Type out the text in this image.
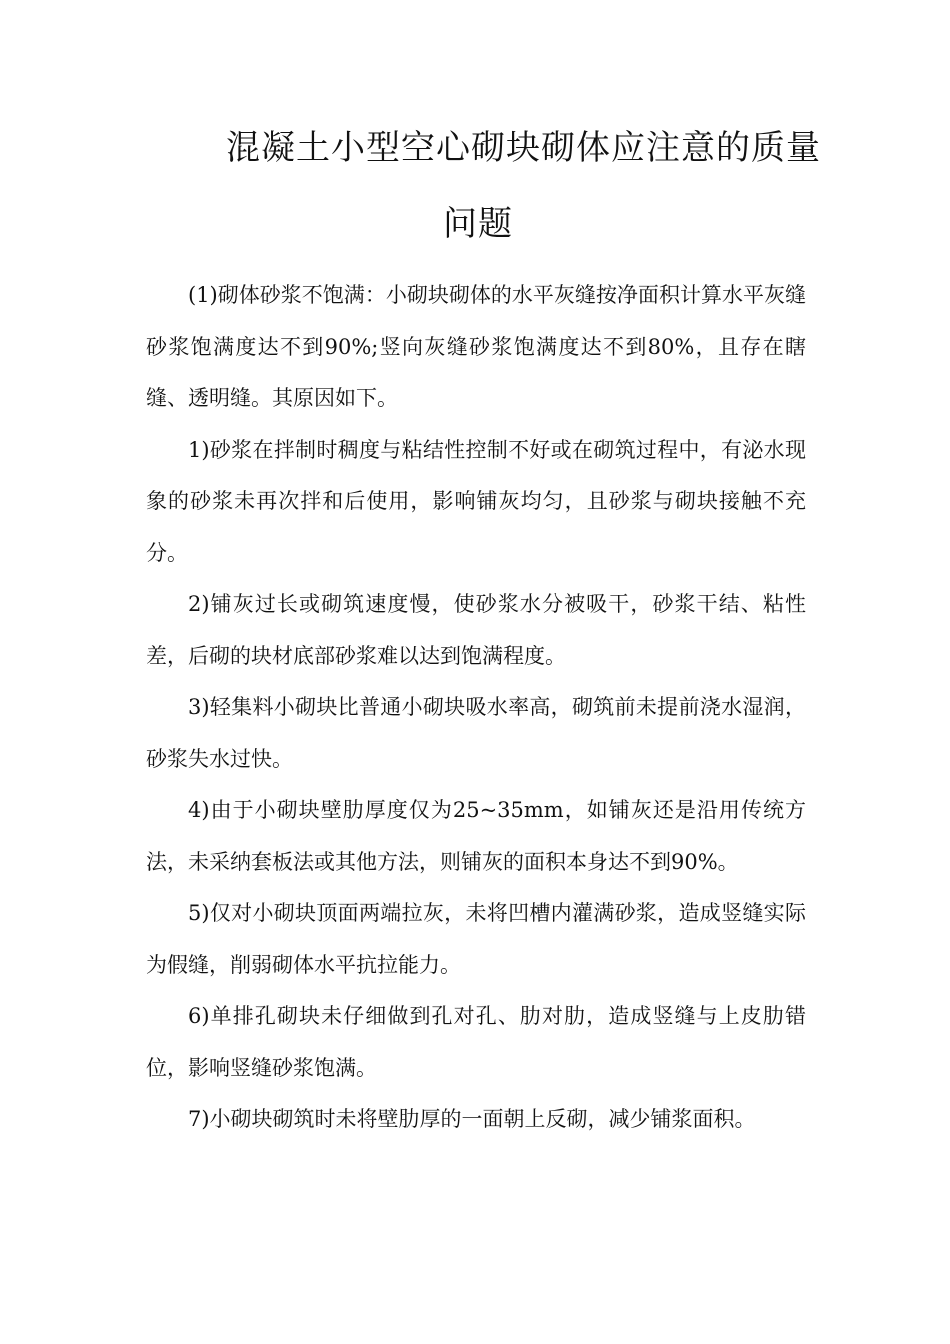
混凝土小型空心砌块砌体应注意的质量
问题

(1)砌体砂浆不饱满：小砌块砌体的水平灰缝按净面积计算水平灰缝砂浆饱满度达不到90%;竖向灰缝砂浆饱满度达不到80%，且存在瞎缝、透明缝。其原因如下。

1)砂浆在拌制时稠度与粘结性控制不好或在砌筑过程中，有泌水现象的砂浆未再次拌和后使用，影响铺灰均匀，且砂浆与砌块接触不充分。

2)铺灰过长或砌筑速度慢，使砂浆水分被吸干，砂浆干结、粘性差，后砌的块材底部砂浆难以达到饱满程度。

3)轻集料小砌块比普通小砌块吸水率高，砌筑前未提前浇水湿润，砂浆失水过快。

4)由于小砌块壁肋厚度仅为25~35mm，如铺灰还是沿用传统方法，未采纳套板法或其他方法，则铺灰的面积本身达不到90%。

5)仅对小砌块顶面两端拉灰，未将凹槽内灌满砂浆，造成竖缝实际为假缝，削弱砌体水平抗拉能力。

6)单排孔砌块未仔细做到孔对孔、肋对肋，造成竖缝与上皮肋错位，影响竖缝砂浆饱满。

7)小砌块砌筑时未将壁肋厚的一面朝上反砌，减少铺浆面积。
